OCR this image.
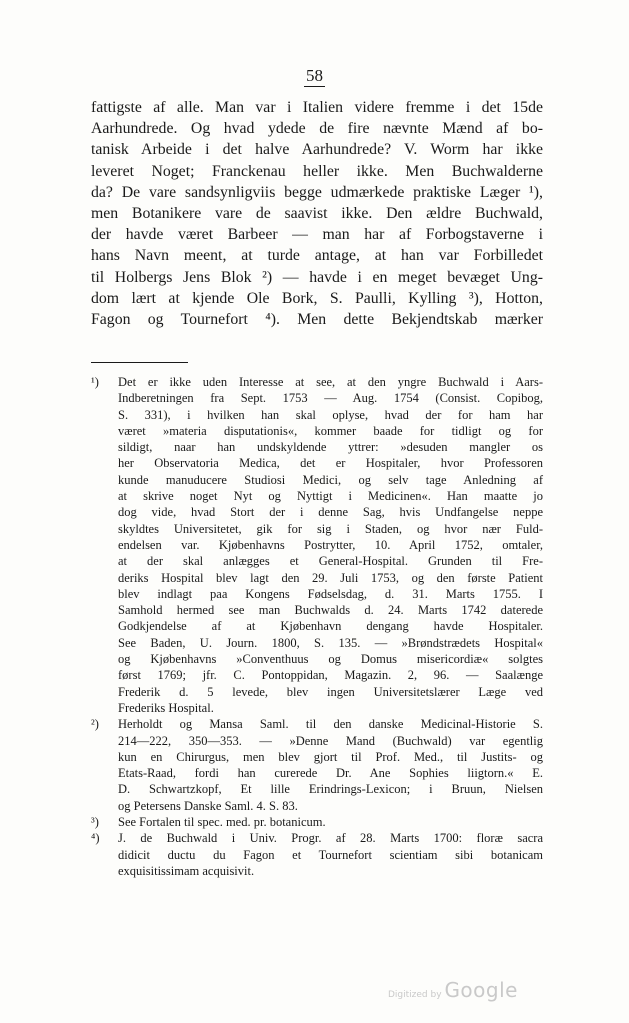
58
fattigste af alle. Man var i Italien videre fremme i det 15de
Aarhundrede. Og hvad ydede de fire nævnte Mænd af bo-
tanisk Arbeide i det halve Aarhundrede? V. Worm har ikke
leveret Noget; Franckenau heller ikke. Men Buchwalderne
da? De vare sandsynligviis begge udmærkede praktiske Læger ¹),
men Botanikere vare de saavist ikke. Den ældre Buchwald,
der havde været Barbeer — man har af Forbogstaverne i
hans Navn meent, at turde antage, at han var Forbilledet
til Holbergs Jens Blok ²) — havde i en meget bevæget Ung-
dom lært at kjende Ole Bork, S. Paulli, Kylling ³), Hotton,
Fagon og Tournefort ⁴). Men dette Bekjendtskab mærker
¹) Det er ikke uden Interesse at see, at den yngre Buchwald i Aars-
Indberetningen fra Sept. 1753 — Aug. 1754 (Consist. Copibog,
S. 331), i hvilken han skal oplyse, hvad der for ham har
været »materia disputationis«, kommer baade for tidligt og for
sildigt, naar han undskyldende yttrer: »desuden mangler os
her Observatoria Medica, det er Hospitaler, hvor Professoren
kunde manuducere Studiosi Medici, og selv tage Anledning af
at skrive noget Nyt og Nyttigt i Medicinen«. Han maatte jo
dog vide, hvad Stort der i denne Sag, hvis Undfangelse neppe
skyldtes Universitetet, gik for sig i Staden, og hvor nær Fuld-
endelsen var. Kjøbenhavns Postrytter, 10. April 1752, omtaler,
at der skal anlægges et General-Hospital. Grunden til Fre-
deriks Hospital blev lagt den 29. Juli 1753, og den første Patient
blev indlagt paa Kongens Fødselsdag, d. 31. Marts 1755. I
Samhold hermed see man Buchwalds d. 24. Marts 1742 daterede
Godkjendelse af at Kjøbenhavn dengang havde Hospitaler.
See Baden, U. Journ. 1800, S. 135. — »Brøndstrædets Hospital«
og Kjøbenhavns »Conventhuus og Domus misericordiæ« solgtes
først 1769; jfr. C. Pontoppidan, Magazin. 2, 96. — Saalænge
Frederik d. 5 levede, blev ingen Universitetslærer Læge ved
Frederiks Hospital.
²) Herholdt og Mansa Saml. til den danske Medicinal-Historie S.
214—222, 350—353. — »Denne Mand (Buchwald) var egentlig
kun en Chirurgus, men blev gjort til Prof. Med., til Justits- og
Etats-Raad, fordi han curerede Dr. Ane Sophies liigtorn.« E.
D. Schwartzkopf, Et lille Erindrings-Lexicon; i Bruun, Nielsen
og Petersens Danske Saml. 4. S. 83.
³) See Fortalen til spec. med. pr. botanicum.
⁴) J. de Buchwald i Univ. Progr. af 28. Marts 1700: floræ sacra
didicit ductu du Fagon et Tournefort scientiam sibi botanicam
exquisitissimam acquisivit.
Digitized by Google
